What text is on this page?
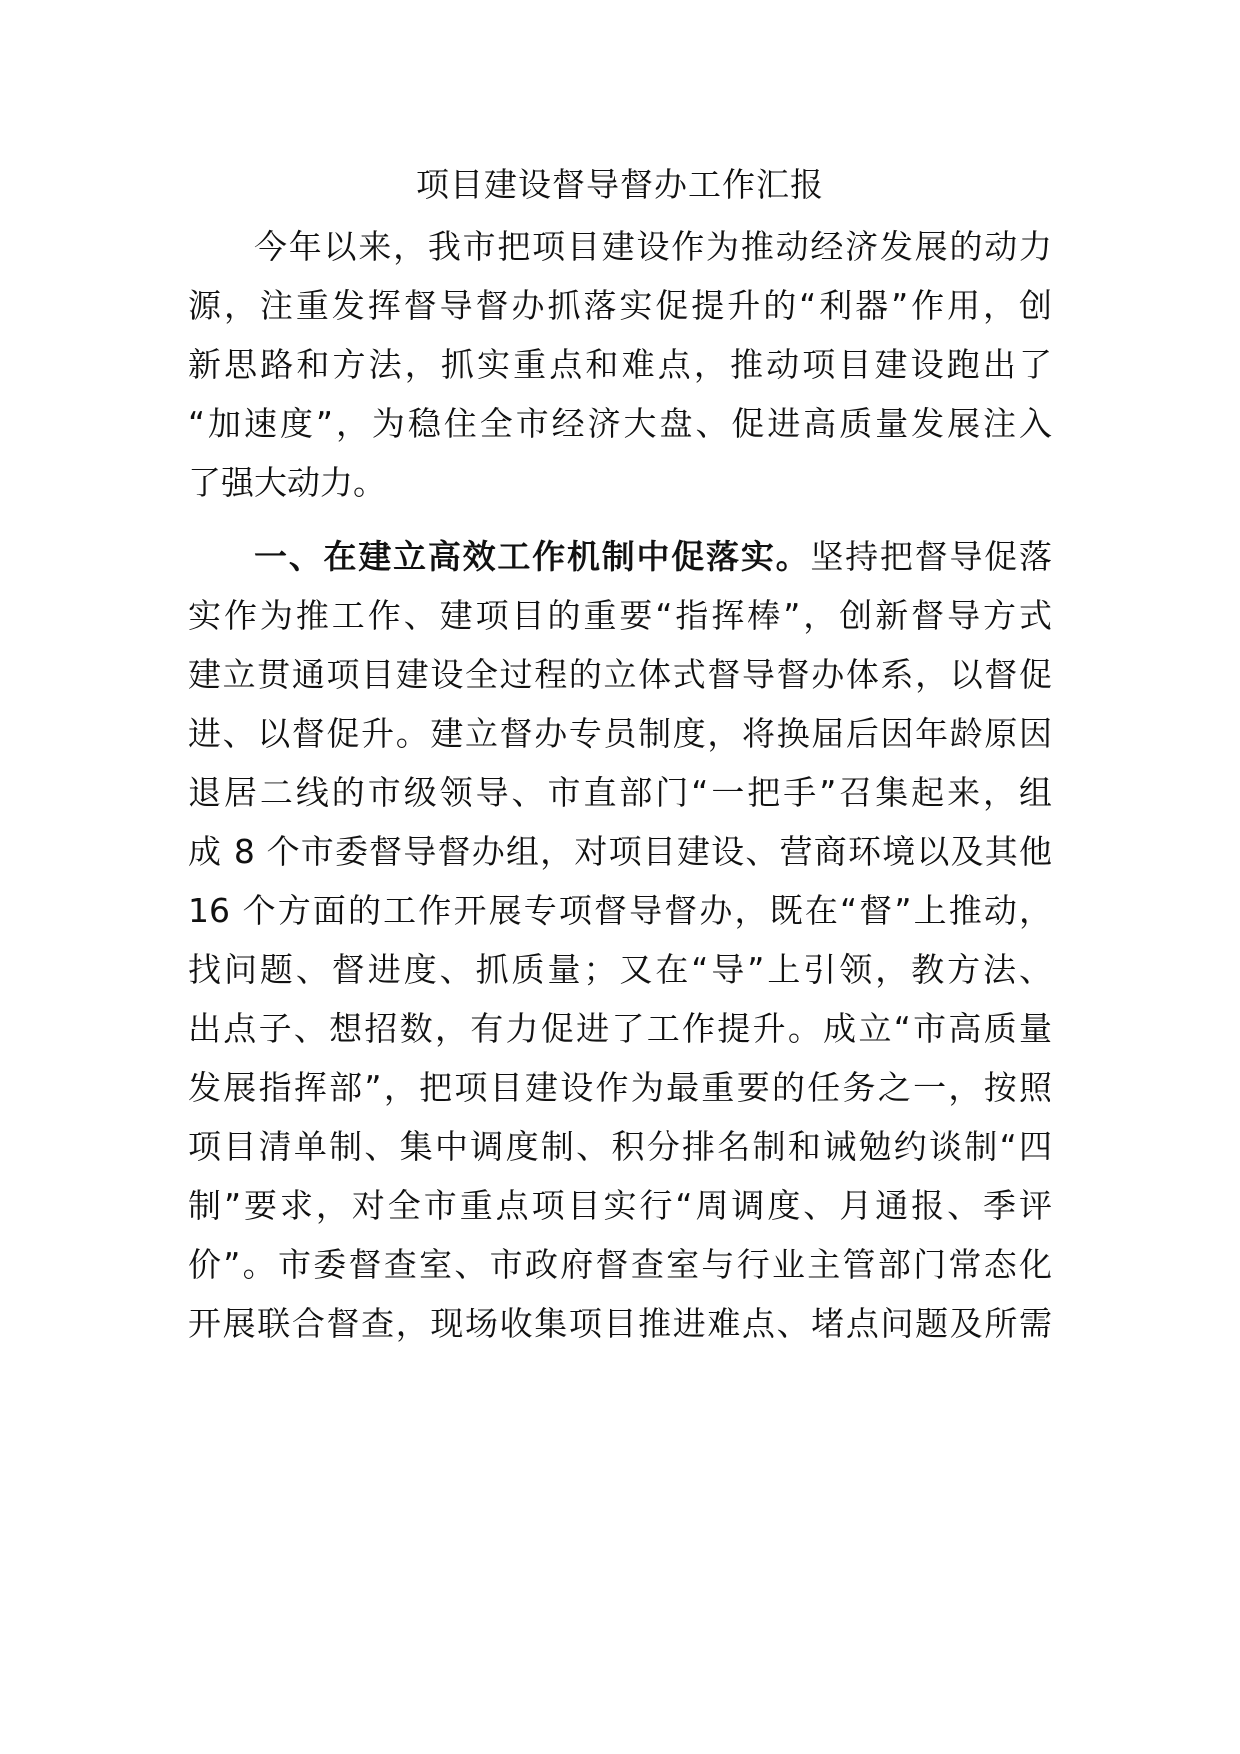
项目建设督导督办工作汇报
今年以来，我市把项目建设作为推动经济发展的动力
源，注重发挥督导督办抓落实促提升的“利器”作用，创
新思路和方法，抓实重点和难点，推动项目建设跑出了
“加速度”，为稳住全市经济大盘、促进高质量发展注入
了强大动力。
一、在建立高效工作机制中促落实。坚持把督导促落
实作为推工作、建项目的重要“指挥棒”，创新督导方式
建立贯通项目建设全过程的立体式督导督办体系，以督促
进、以督促升。建立督办专员制度，将换届后因年龄原因
退居二线的市级领导、市直部门“一把手”召集起来，组
成 8 个市委督导督办组，对项目建设、营商环境以及其他
16 个方面的工作开展专项督导督办，既在“督”上推动，
找问题、督进度、抓质量；又在“导”上引领，教方法、
出点子、想招数，有力促进了工作提升。成立“市高质量
发展指挥部”，把项目建设作为最重要的任务之一，按照
项目清单制、集中调度制、积分排名制和诫勉约谈制“四
制”要求，对全市重点项目实行“周调度、月通报、季评
价”。市委督查室、市政府督查室与行业主管部门常态化
开展联合督查，现场收集项目推进难点、堵点问题及所需
